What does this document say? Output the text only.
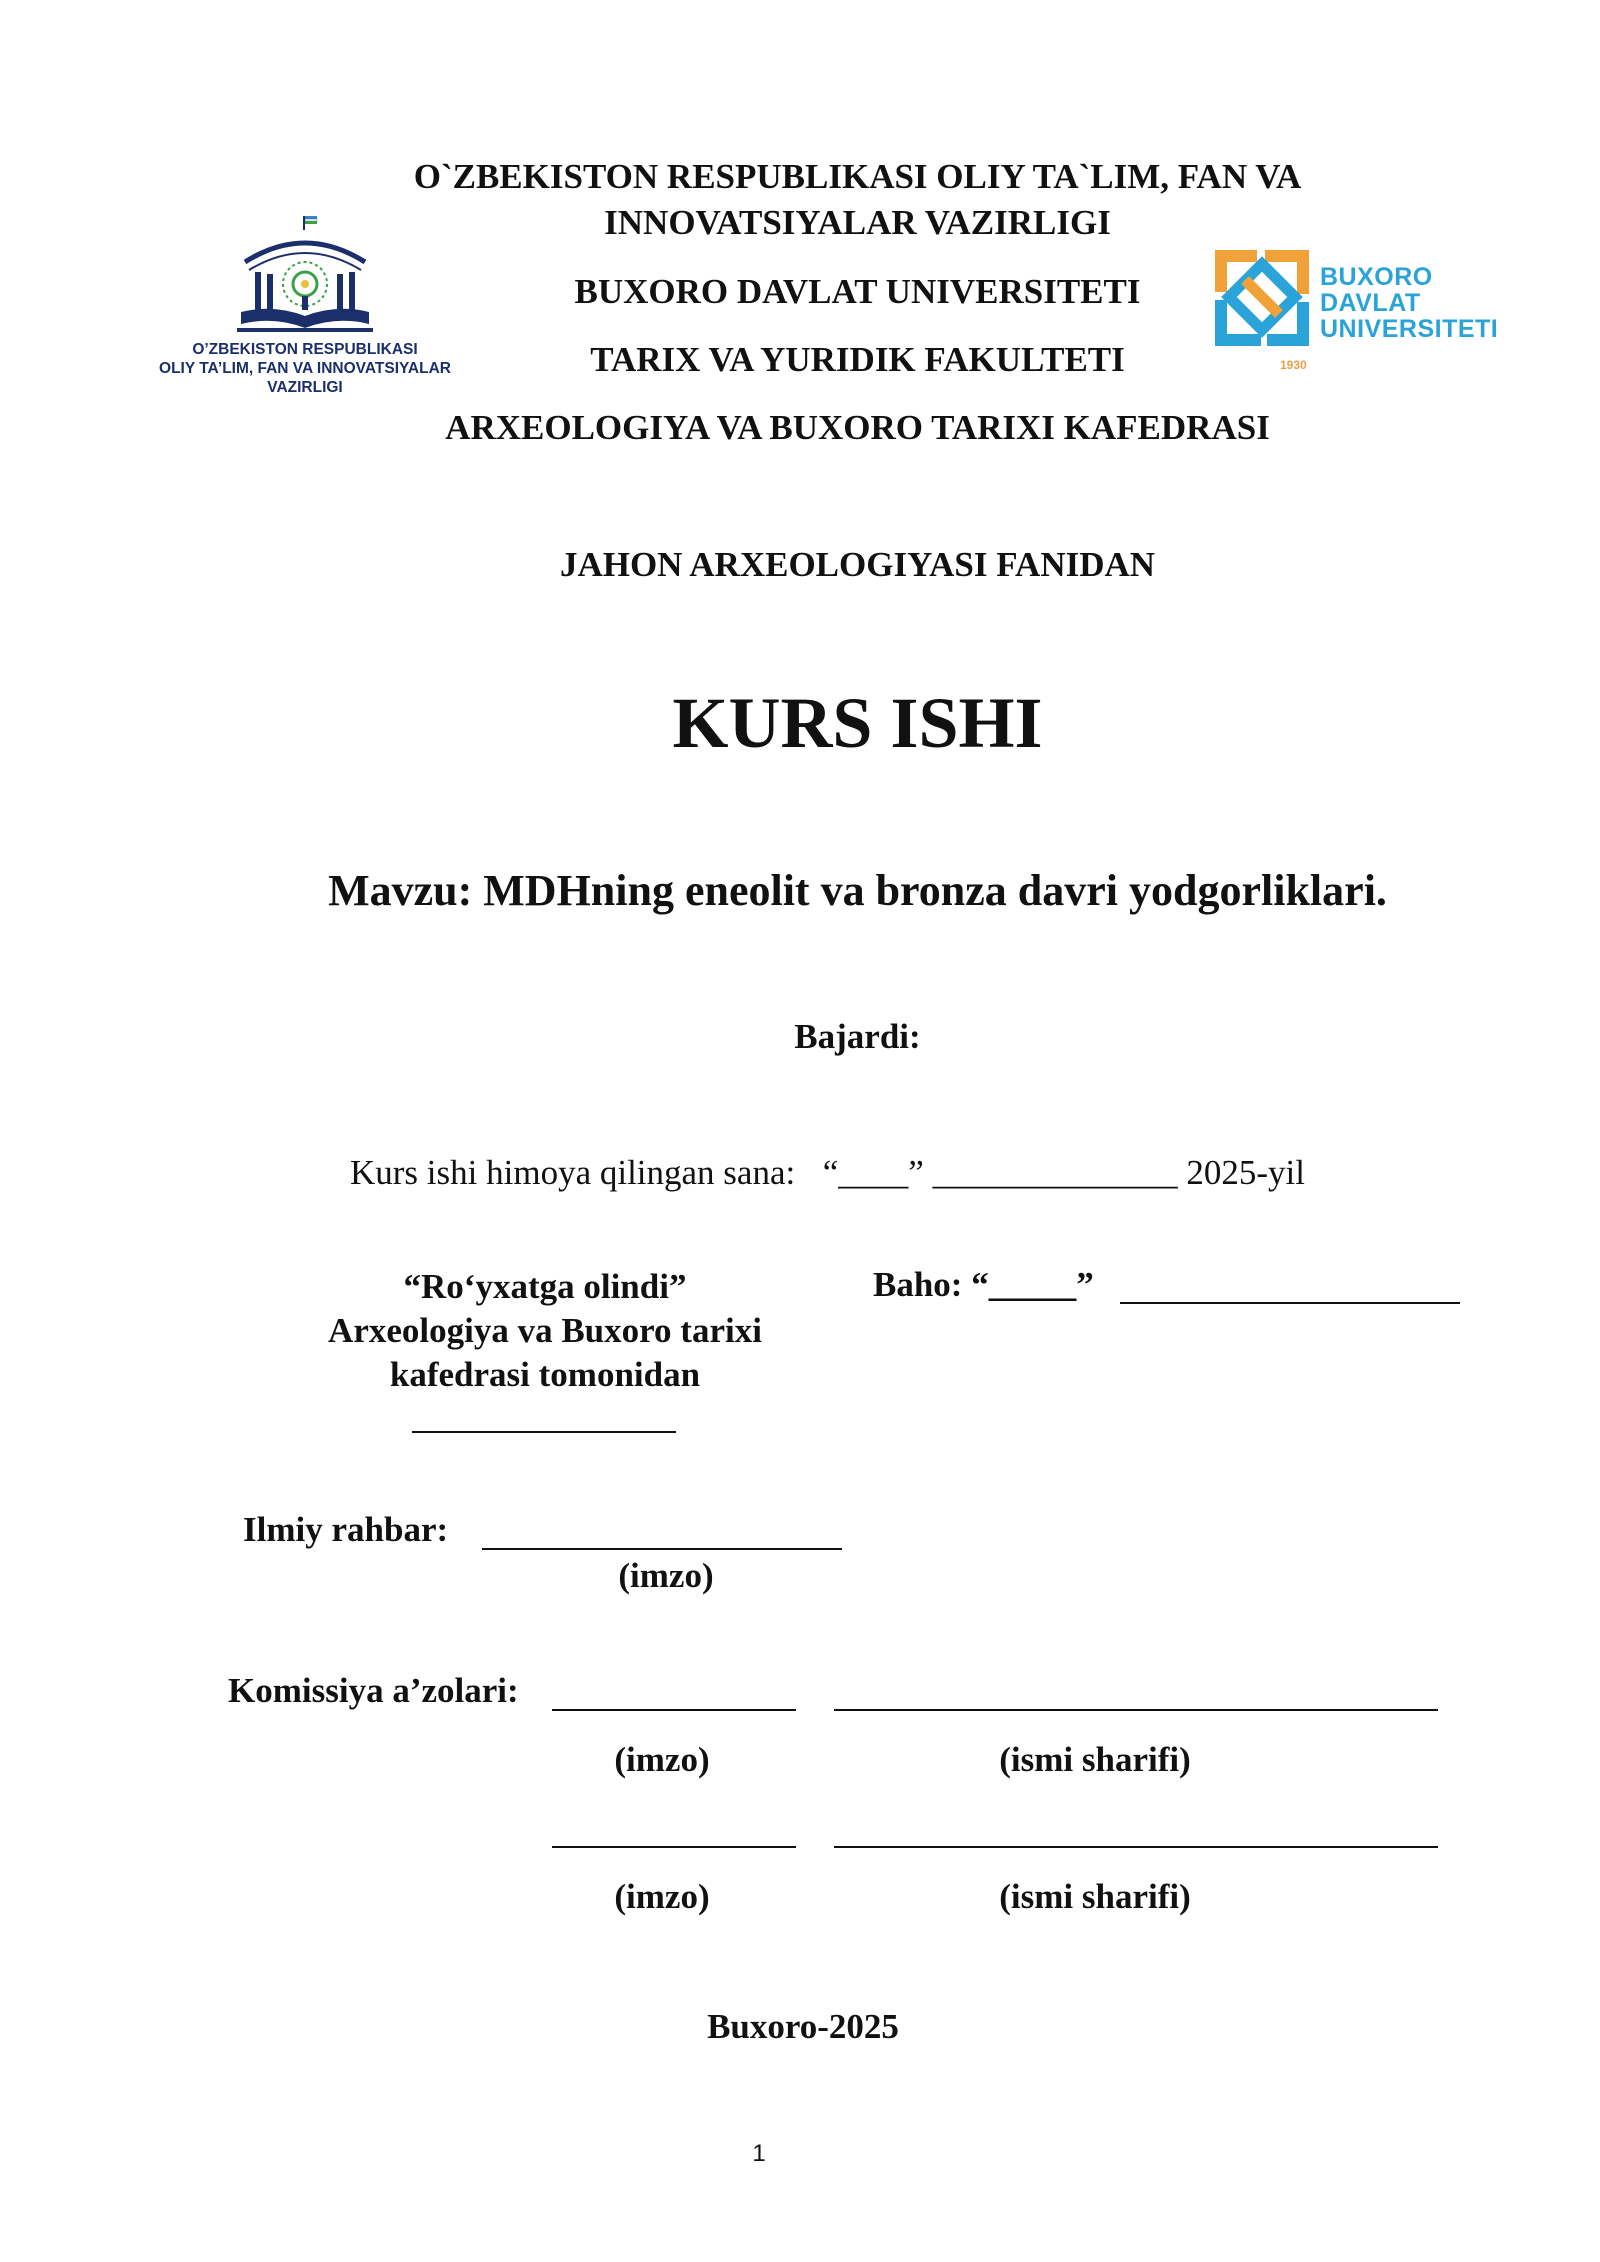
O`ZBEKISTON RESPUBLIKASI OLIY TA`LIM, FAN VA
INNOVATSIYALAR VAZIRLIGI
BUXORO DAVLAT UNIVERSITETI
TARIX VA YURIDIK FAKULTETI
ARXEOLOGIYA VA BUXORO TARIXI KAFEDRASI
O’ZBEKISTON RESPUBLIKASI
OLIY TA’LIM, FAN VA INNOVATSIYALAR
VAZIRLIGI
BUXORO
DAVLAT
UNIVERSITETI
1930
JAHON ARXEOLOGIYASI FANIDAN
KURS ISHI
Mavzu: MDHning eneolit va bronza davri yodgorliklari.
Bajardi:
Kurs ishi himoya qilingan sana: “____” ______________ 2025-yil
“Ro‘yxatga olindi”
Arxeologiya va Buxoro tarixi
kafedrasi tomonidan
Baho: “_____”
Ilmiy rahbar:
(imzo)
Komissiya a’zolari:
(imzo)	(ismi sharifi)
(imzo)	(ismi sharifi)
Buxoro-2025
1
